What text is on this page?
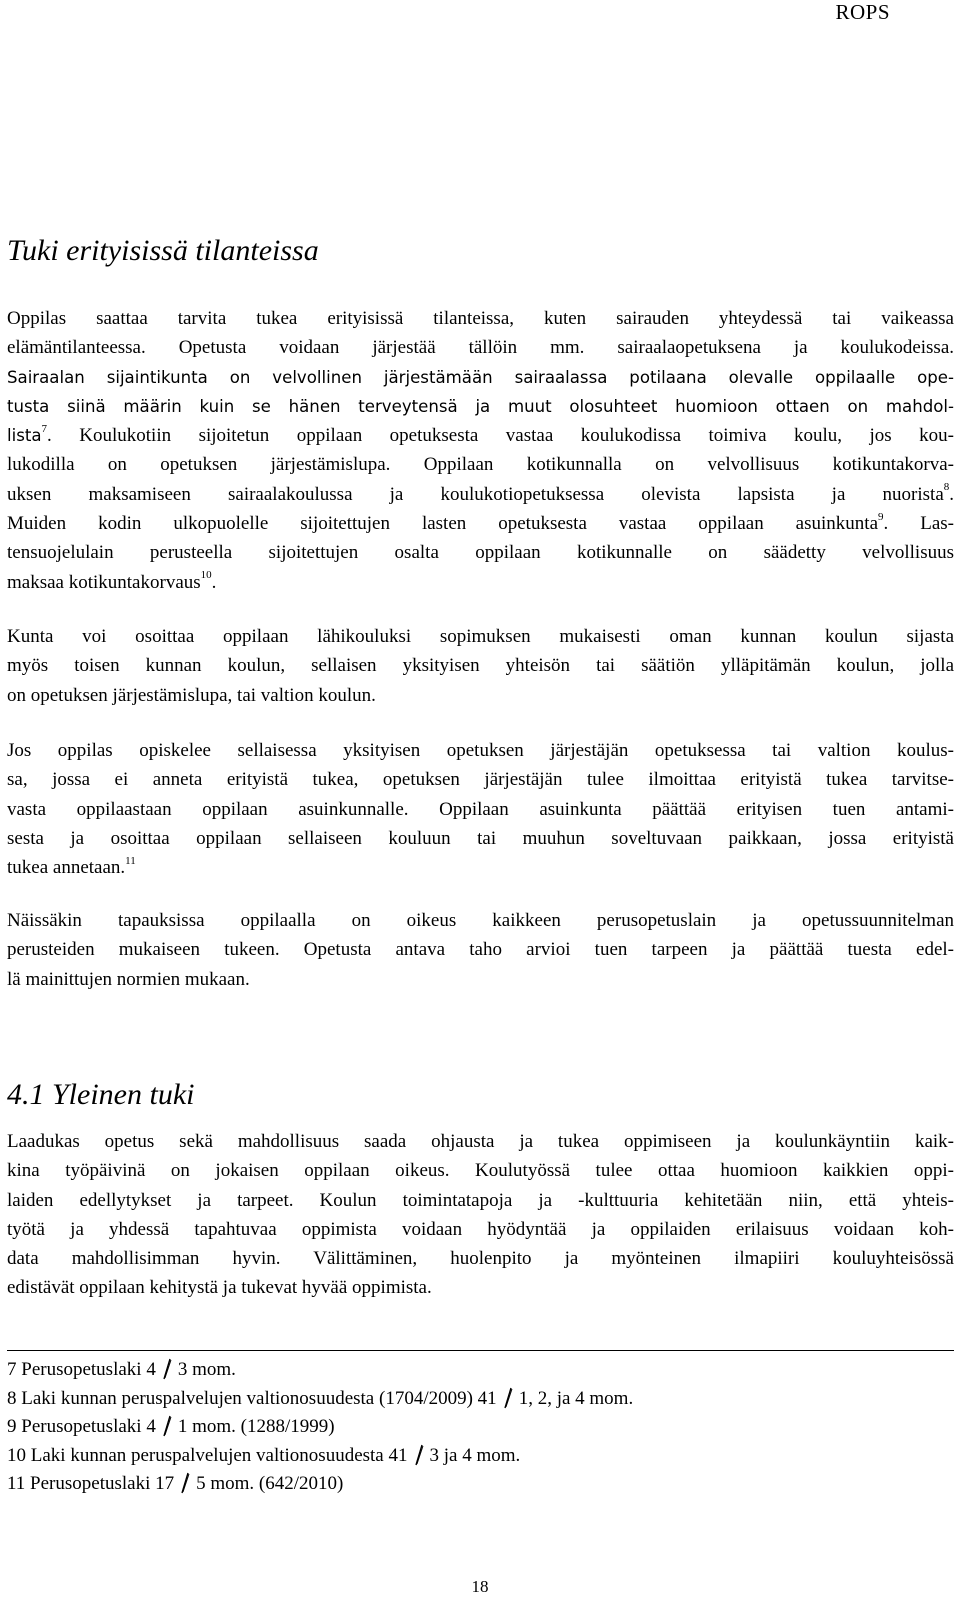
ROPS
Tuki erityisissä tilanteissa
Oppilas saattaa tarvita tukea erityisissä tilanteissa, kuten sairauden yhteydessä tai vaikeassa
elämäntilanteessa. Opetusta voidaan järjestää tällöin mm. sairaalaopetuksena ja koulukodeissa.
Sairaalan sijaintikunta on velvollinen järjestämään sairaalassa potilaana olevalle oppilaalle ope-
tusta siinä määrin kuin se hänen terveytensä ja muut olosuhteet huomioon ottaen on mahdol-
lista$^7$. Koulukotiin sijoitetun oppilaan opetuksesta vastaa koulukodissa toimiva koulu, jos kou-
lukodilla on opetuksen järjestämislupa. Oppilaan kotikunnalla on velvollisuus kotikuntakorva-
uksen maksamiseen sairaalakoulussa ja koulukotiopetuksessa olevista lapsista ja nuorista$^8$.
Muiden kodin ulkopuolelle sijoitettujen lasten opetuksesta vastaa oppilaan asuinkunta$^9$. Las-
tensuojelulain perusteella sijoitettujen osalta oppilaan kotikunnalle on säädetty velvollisuus
maksaa kotikuntakorvaus$^{10}$.
Kunta voi osoittaa oppilaan lähikouluksi sopimuksen mukaisesti oman kunnan koulun sijasta
myös toisen kunnan koulun, sellaisen yksityisen yhteisön tai säätiön ylläpitämän koulun, jolla
on opetuksen järjestämislupa, tai valtion koulun.
Jos oppilas opiskelee sellaisessa yksityisen opetuksen järjestäjän opetuksessa tai valtion koulus-
sa, jossa ei anneta erityistä tukea, opetuksen järjestäjän tulee ilmoittaa erityistä tukea tarvitse-
vasta oppilaastaan oppilaan asuinkunnalle. Oppilaan asuinkunta päättää erityisen tuen antami-
sesta ja osoittaa oppilaan sellaiseen kouluun tai muuhun soveltuvaan paikkaan, jossa erityistä
tukea annetaan.$^{11}$
Näissäkin tapauksissa oppilaalla on oikeus kaikkeen perusopetuslain ja opetussuunnitelman
perusteiden mukaiseen tukeen. Opetusta antava taho arvioi tuen tarpeen ja päättää tuesta edel-
lä mainittujen normien mukaan.
4.1 Yleinen tuki
Laadukas opetus sekä mahdollisuus saada ohjausta ja tukea oppimiseen ja koulunkäyntiin kaik-
kina työpäivinä on jokaisen oppilaan oikeus. Koulutyössä tulee ottaa huomioon kaikkien oppi-
laiden edellytykset ja tarpeet. Koulun toimintatapoja ja -kulttuuria kehitetään niin, että yhteis-
työtä ja yhdessä tapahtuvaa oppimista voidaan hyödyntää ja oppilaiden erilaisuus voidaan koh-
data mahdollisimman hyvin. Välittäminen, huolenpito ja myönteinen ilmapiiri kouluyhteisössä
edistävät oppilaan kehitystä ja tukevat hyvää oppimista.
7 Perusopetuslaki 4 3 mom.
8 Laki kunnan peruspalvelujen valtionosuudesta (1704/2009) 41 1, 2, ja 4 mom.
9 Perusopetuslaki 4 1 mom. (1288/1999)
10 Laki kunnan peruspalvelujen valtionosuudesta 41 3 ja 4 mom.
11 Perusopetuslaki 17 5 mom. (642/2010)
18
